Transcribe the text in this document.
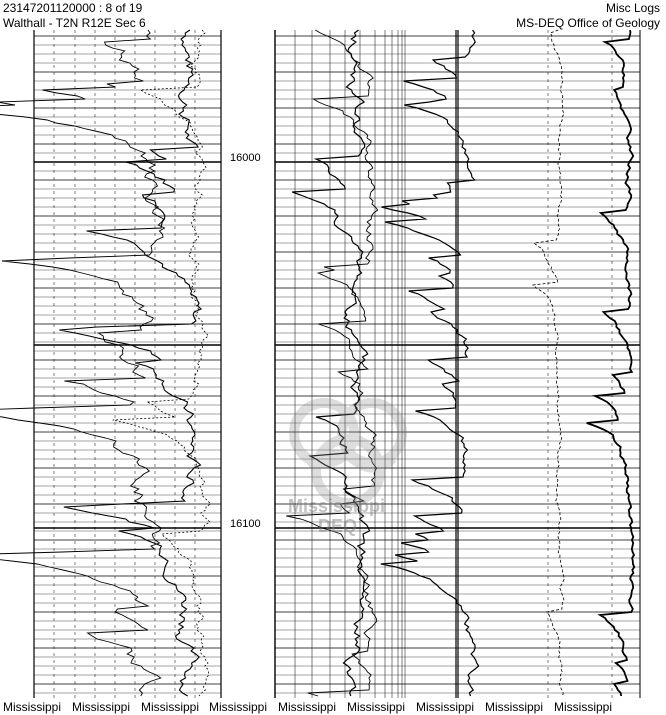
23147201120000 : 8 of 19
Walthall - T2N R12E Sec 6
Misc Logs
MS-DEQ Office of Geology
16000
16100
Mississippi
DEQ
Mississippi Mississippi Mississippi Mississippi Mississippi Mississippi Mississippi Mississippi Mississippi
